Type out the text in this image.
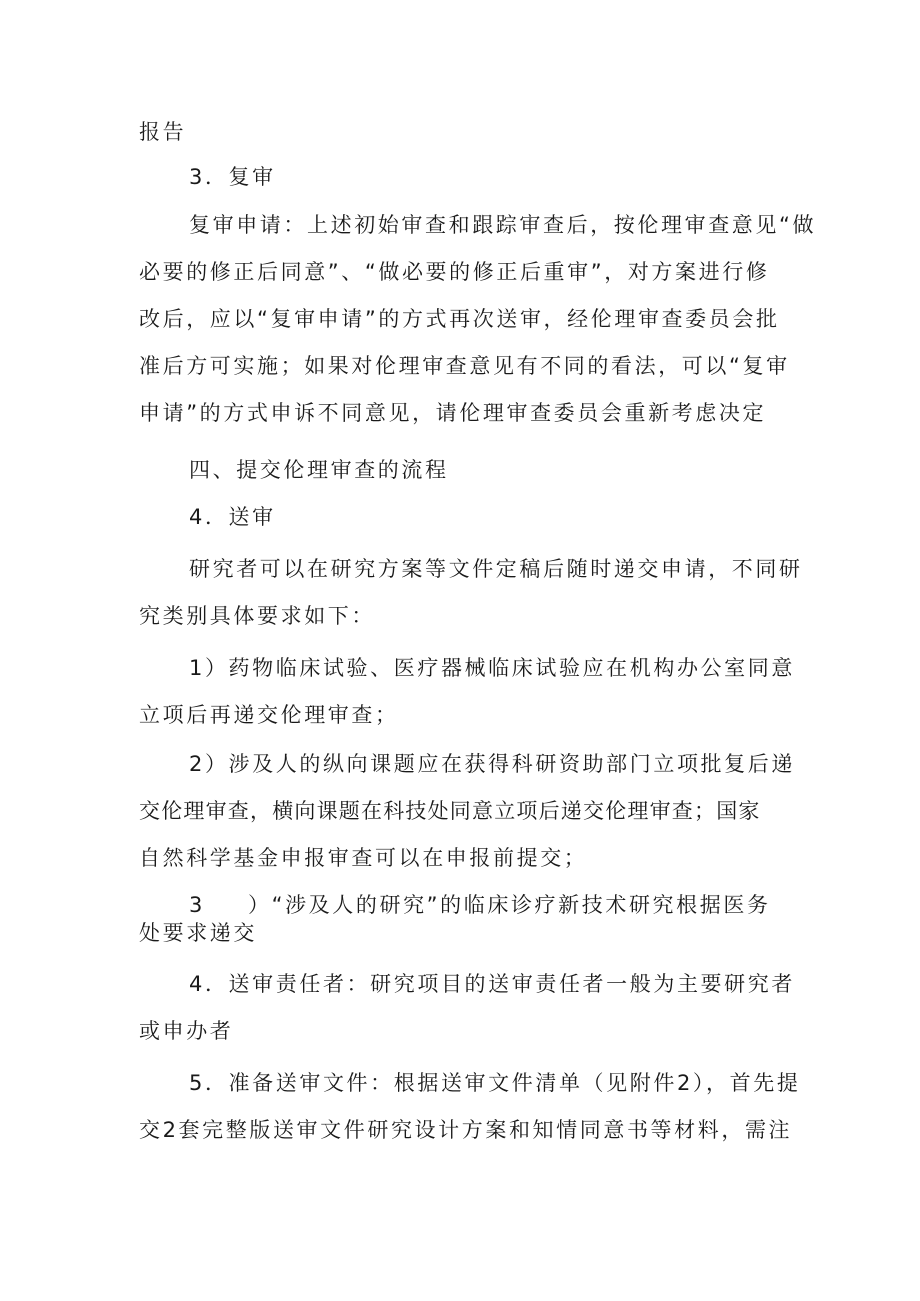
报告
3．复审
复审申请：上述初始审查和跟踪审查后，按伦理审查意见“做
必要的修正后同意”、“做必要的修正后重审”，对方案进行修
改后，应以“复审申请”的方式再次送审，经伦理审查委员会批
准后方可实施；如果对伦理审查意见有不同的看法，可以“复审
申请”的方式申诉不同意见，请伦理审查委员会重新考虑决定
四、提交伦理审查的流程
4．送审
研究者可以在研究方案等文件定稿后随时递交申请，不同研
究类别具体要求如下：
1）药物临床试验、医疗器械临床试验应在机构办公室同意
立项后再递交伦理审查；
2）涉及人的纵向课题应在获得科研资助部门立项批复后递
交伦理审查，横向课题在科技处同意立项后递交伦理审查；国家
自然科学基金申报审查可以在申报前提交；
3 ）“涉及人的研究”的临床诊疗新技术研究根据医务
处要求递交
4．送审责任者：研究项目的送审责任者一般为主要研究者
或申办者
5．准备送审文件：根据送审文件清单（见附件2），首先提
交2套完整版送审文件研究设计方案和知情同意书等材料，需注
